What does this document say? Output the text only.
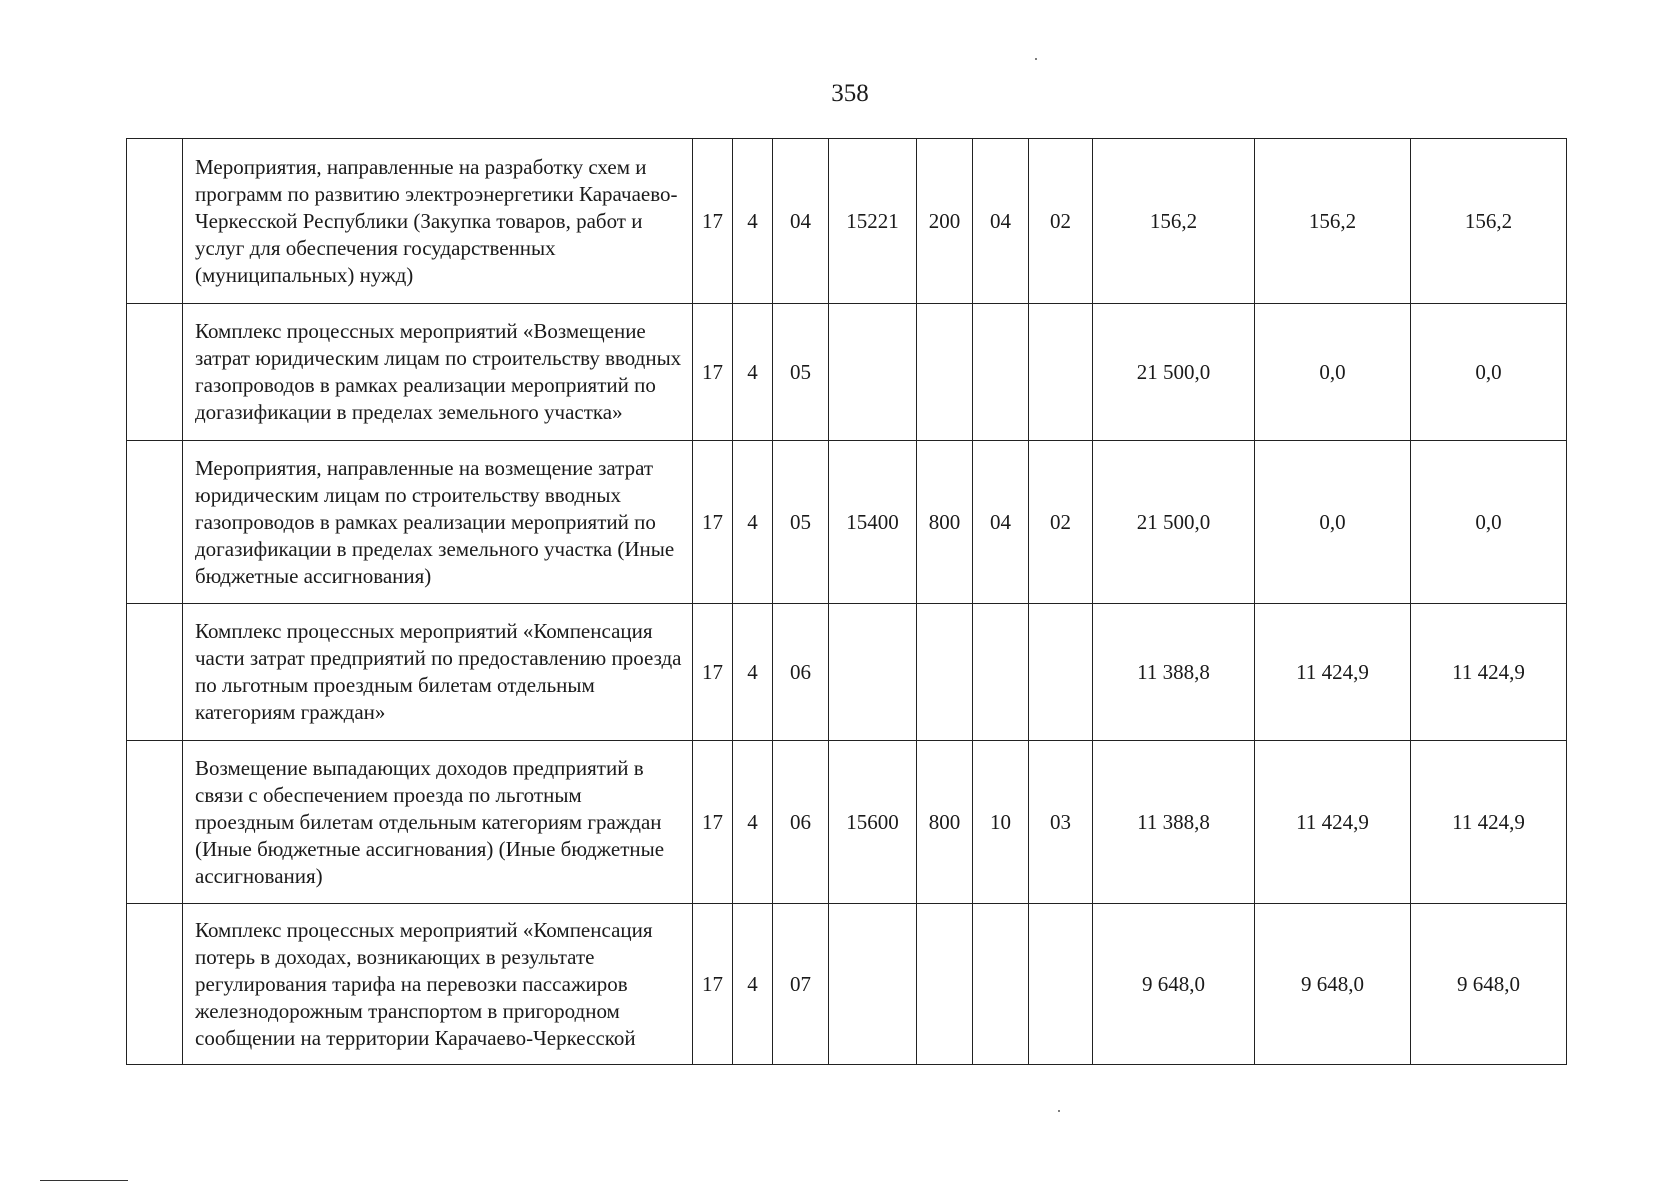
358
	Мероприятия, направленные на разработку схем и программ по развитию электроэнергетики Карачаево-Черкесской Республики (Закупка товаров, работ и услуг для обеспечения государственных (муниципальных) нужд)	17	4	04	15221	200	04	02	156,2	156,2	156,2
	Комплекс процессных мероприятий «Возмещение затрат юридическим лицам по строительству вводных газопроводов в рамках реализации мероприятий по догазификации в пределах земельного участка»	17	4	05					21 500,0	0,0	0,0
	Мероприятия, направленные на возмещение затрат юридическим лицам по строительству вводных газопроводов в рамках реализации мероприятий по догазификации в пределах земельного участка (Иные бюджетные ассигнования)	17	4	05	15400	800	04	02	21 500,0	0,0	0,0
	Комплекс процессных мероприятий «Компенсация части затрат предприятий по предоставлению проезда по льготным проездным билетам отдельным категориям граждан»	17	4	06					11 388,8	11 424,9	11 424,9
	Возмещение выпадающих доходов предприятий в связи с обеспечением проезда по льготным проездным билетам отдельным категориям граждан (Иные бюджетные ассигнования) (Иные бюджетные ассигнования)	17	4	06	15600	800	10	03	11 388,8	11 424,9	11 424,9
	Комплекс процессных мероприятий «Компенсация потерь в доходах, возникающих в результате регулирования тарифа на перевозки пассажиров железнодорожным транспортом в пригородном сообщении на территории Карачаево-Черкесской	17	4	07					9 648,0	9 648,0	9 648,0
